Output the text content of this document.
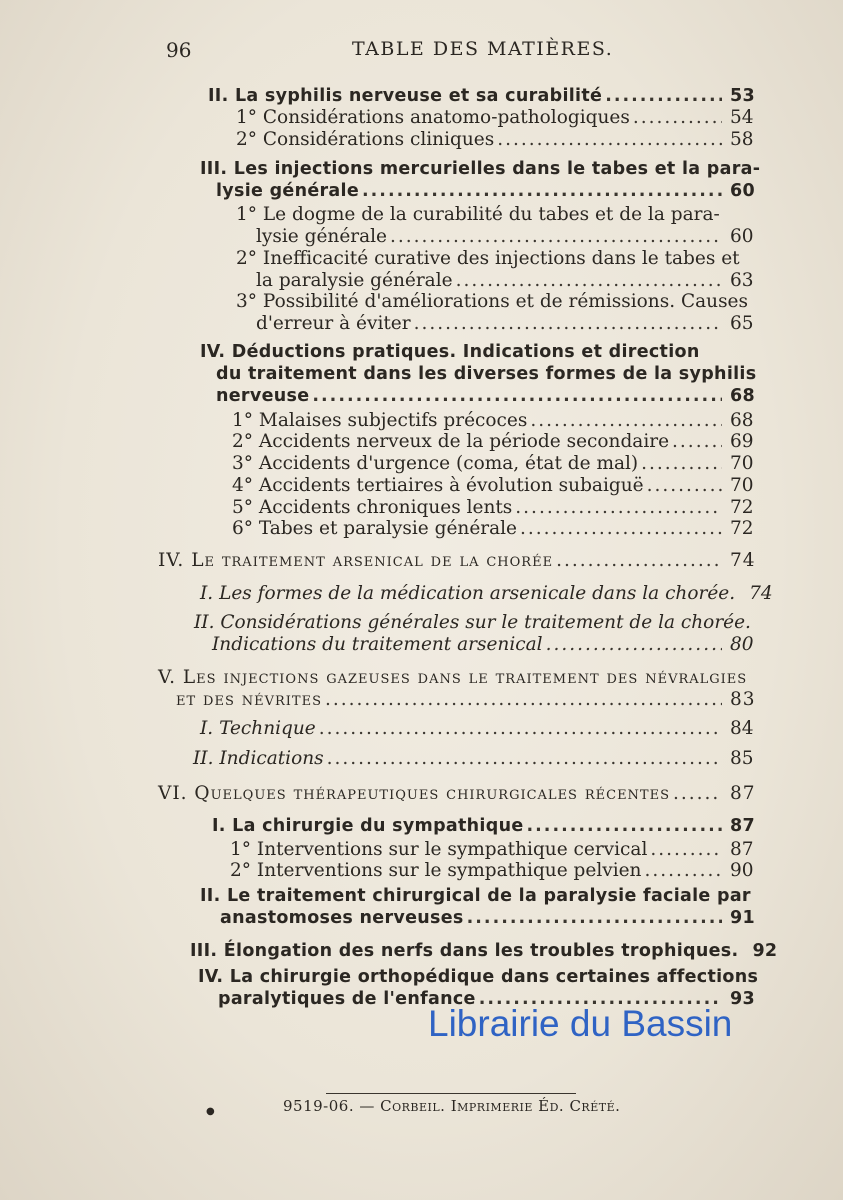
96	TABLE DES MATIÈRES.
II. La syphilis nerveuse et sa curabilité .....	53
1° Considérations anatomo-pathologiques .....	54
2° Considérations cliniques .....	58
III. Les injections mercurielles dans le tabes et la para-
lysie générale .....	60
1° Le dogme de la curabilité du tabes et de la para-
lysie générale .....	60
2° Inefficacité curative des injections dans le tabes et
la paralysie générale .....	63
3° Possibilité d'améliorations et de rémissions. Causes
d'erreur à éviter .....	65
IV. Déductions pratiques. Indications et direction
du traitement dans les diverses formes de la syphilis
nerveuse .....	68
1° Malaises subjectifs précoces .....	68
2° Accidents nerveux de la période secondaire .....	69
3° Accidents d'urgence (coma, état de mal) .....	70
4° Accidents tertiaires à évolution subaiguë .....	70
5° Accidents chroniques lents .....	72
6° Tabes et paralysie générale .....	72
IV. Le traitement arsenical de la chorée .....	74
I. Les formes de la médication arsenicale dans la chorée. 74
II. Considérations générales sur le traitement de la chorée.
Indications du traitement arsenical .....	80
V. Les injections gazeuses dans le traitement des névralgies
et des névrites .....	83
I. Technique .....	84
II. Indications .....	85
VI. Quelques thérapeutiques chirurgicales récentes .....	87
I. La chirurgie du sympathique .....	87
1° Interventions sur le sympathique cervical .....	87
2° Interventions sur le sympathique pelvien .....	90
II. Le traitement chirurgical de la paralysie faciale par
anastomoses nerveuses .....	91
III. Élongation des nerfs dans les troubles trophiques. 92
IV. La chirurgie orthopédique dans certaines affections
paralytiques de l'enfance .....	93
Librairie du Bassin
●	9519-06. — Corbeil. Imprimerie Éd. Crété.
